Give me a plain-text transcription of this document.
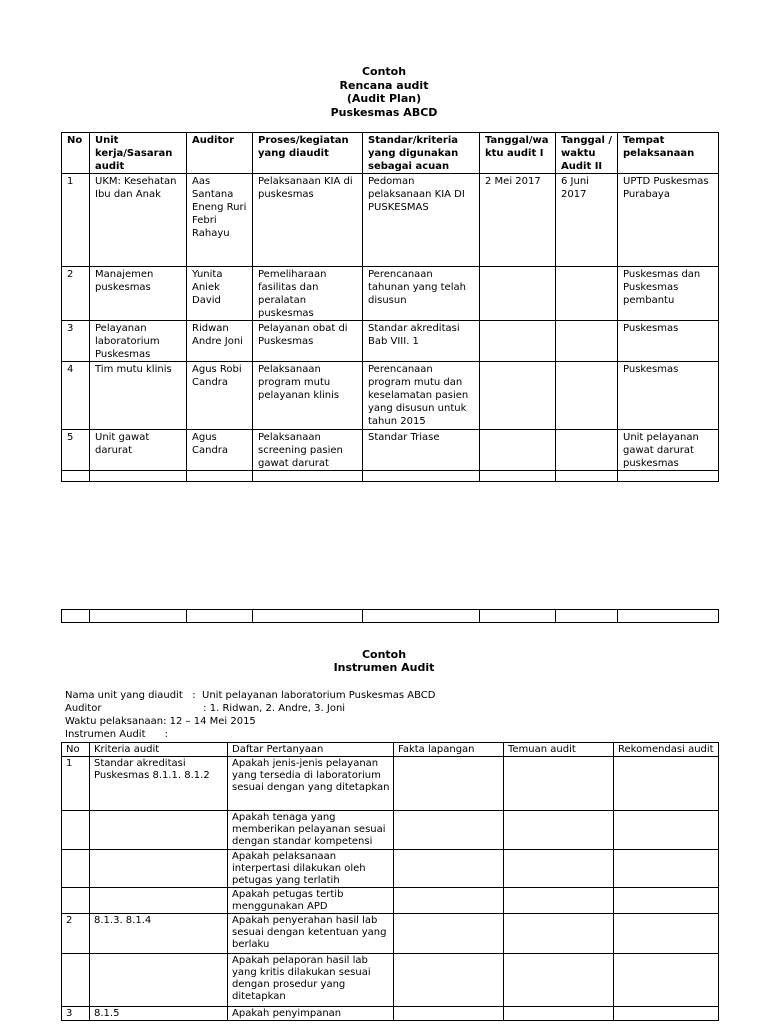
Contoh
Rencana audit
(Audit Plan)
Puskesmas ABCD
No	Unit kerja/Sasaran audit	Auditor	Proses/kegiatan yang diaudit	Standar/kriteria yang digunakan sebagai acuan	Tanggal/wa ktu audit I	Tanggal / waktu Audit II	Tempat pelaksanaan
1	UKM: Kesehatan Ibu dan Anak	Aas Santana Eneng Ruri Febri Rahayu	Pelaksanaan KIA di puskesmas	Pedoman pelaksanaan KIA DI PUSKESMAS	2 Mei 2017	6 Juni 2017	UPTD Puskesmas Purabaya
2	Manajemen puskesmas	Yunita Aniek David	Pemeliharaan fasilitas dan peralatan puskesmas	Perencanaan tahunan yang telah disusun			Puskesmas dan Puskesmas pembantu
3	Pelayanan laboratorium Puskesmas	Ridwan Andre Joni	Pelayanan obat di Puskesmas	Standar akreditasi Bab VIII. 1			Puskesmas
4	Tim mutu klinis	Agus Robi Candra	Pelaksanaan program mutu pelayanan klinis	Perencanaan program mutu dan keselamatan pasien yang disusun untuk tahun 2015			Puskesmas
5	Unit gawat darurat	Agus Candra	Pelaksanaan screening pasien gawat darurat	Standar Triase			Unit pelayanan gawat darurat puskesmas

Contoh
Instrumen Audit
Nama unit yang diaudit   :  Unit pelayanan laboratorium Puskesmas ABCD
Auditor                                : 1. Ridwan, 2. Andre, 3. Joni
Waktu pelaksanaan: 12 – 14 Mei 2015
Instrumen Audit      :
No	Kriteria audit	Daftar Pertanyaan	Fakta lapangan	Temuan audit	Rekomendasi audit
1	Standar akreditasi Puskesmas 8.1.1. 8.1.2	Apakah jenis-jenis pelayanan yang tersedia di laboratorium sesuai dengan yang ditetapkan			
		Apakah tenaga yang memberikan pelayanan sesuai dengan standar kompetensi			
		Apakah pelaksanaan interpertasi dilakukan oleh petugas yang terlatih			
		Apakah petugas tertib menggunakan APD			
2	8.1.3. 8.1.4	Apakah penyerahan hasil lab sesuai dengan ketentuan yang berlaku			
		Apakah pelaporan hasil lab yang kritis dilakukan sesuai dengan prosedur yang ditetapkan			
3	8.1.5	Apakah penyimpanan			
